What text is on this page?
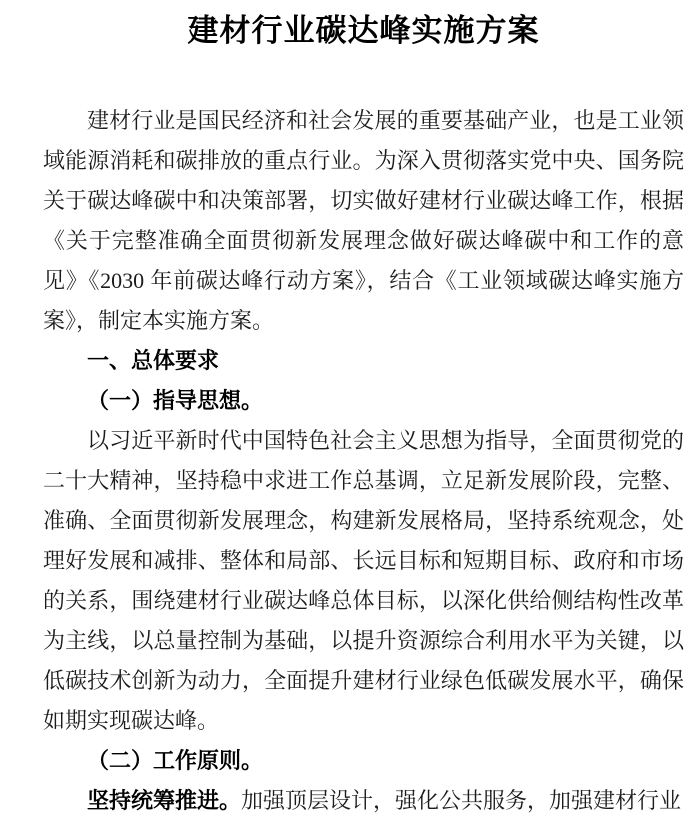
建材行业碳达峰实施方案

建材行业是国民经济和社会发展的重要基础产业，也是工业领域能源消耗和碳排放的重点行业。为深入贯彻落实党中央、国务院关于碳达峰碳中和决策部署，切实做好建材行业碳达峰工作，根据《关于完整准确全面贯彻新发展理念做好碳达峰碳中和工作的意见》《2030 年前碳达峰行动方案》，结合《工业领域碳达峰实施方案》，制定本实施方案。

一、总体要求
（一）指导思想。

以习近平新时代中国特色社会主义思想为指导，全面贯彻党的二十大精神，坚持稳中求进工作总基调，立足新发展阶段，完整、准确、全面贯彻新发展理念，构建新发展格局，坚持系统观念，处理好发展和减排、整体和局部、长远目标和短期目标、政府和市场的关系，围绕建材行业碳达峰总体目标，以深化供给侧结构性改革为主线，以总量控制为基础，以提升资源综合利用水平为关键，以低碳技术创新为动力，全面提升建材行业绿色低碳发展水平，确保如期实现碳达峰。

（二）工作原则。

坚持统筹推进。加强顶层设计，强化公共服务，加强建材行业
